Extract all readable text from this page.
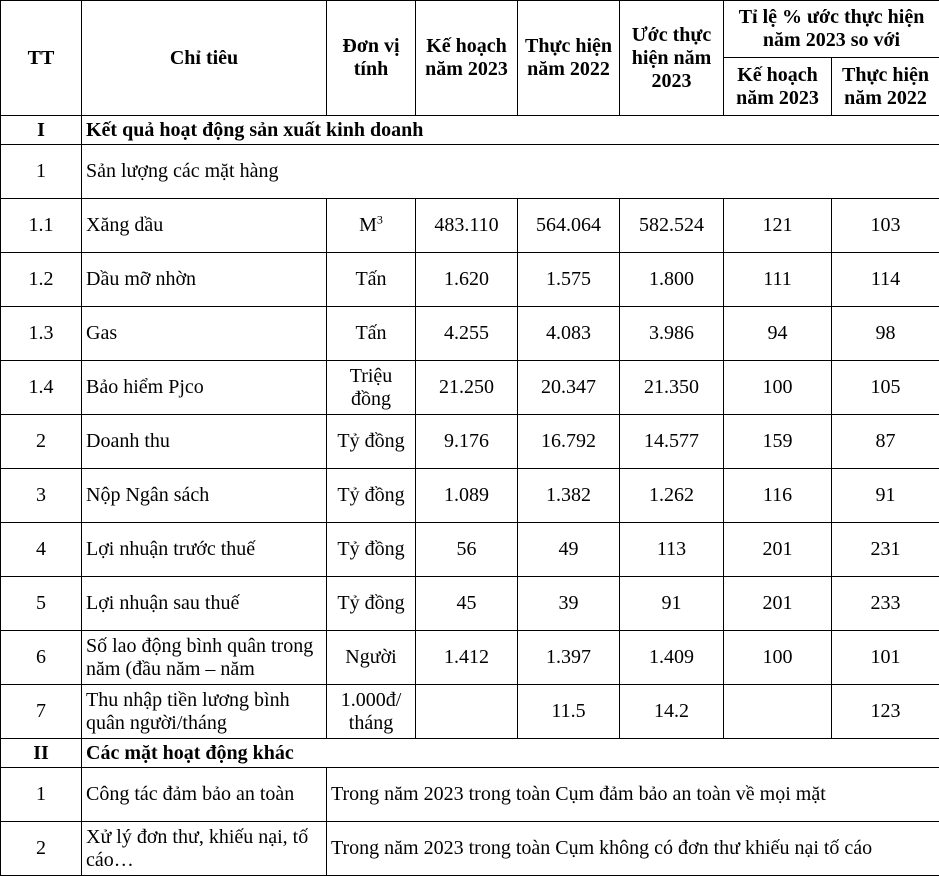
TT	Chỉ tiêu	Đơn vị tính	Kế hoạch năm 2023	Thực hiện năm 2022	Ước thực hiện năm 2023	Tỉ lệ % ước thực hiện năm 2023 so với	
						Kế hoạch năm 2023	Thực hiện năm 2022
I	Kết quả hoạt động sản xuất kinh doanh						
1	Sản lượng các mặt hàng						
1.1	Xăng dầu	$M^3$	483.110	564.064	582.524	121	103
1.2	Dầu mỡ nhờn	Tấn	1.620	1.575	1.800	111	114
1.3	Gas	Tấn	4.255	4.083	3.986	94	98
1.4	Bảo hiểm Pjco	Triệu đồng	21.250	20.347	21.350	100	105
2	Doanh thu	Tỷ đồng	9.176	16.792	14.577	159	87
3	Nộp Ngân sách	Tỷ đồng	1.089	1.382	1.262	116	91
4	Lợi nhuận trước thuế	Tỷ đồng	56	49	113	201	231
5	Lợi nhuận sau thuế	Tỷ đồng	45	39	91	201	233
6	Số lao động bình quân trong năm (đầu năm – năm	Người	1.412	1.397	1.409	100	101
7	Thu nhập tiền lương bình quân người/tháng	1.000đ/ tháng		11.5	14.2		123
II	Các mặt hoạt động khác						
1	Công tác đảm bảo an toàn	Trong năm 2023 trong toàn Cụm đảm bảo an toàn về mọi mặt					
2	Xử lý đơn thư, khiếu nại, tố cáo…	Trong năm 2023 trong toàn Cụm không có đơn thư khiếu nại tố cáo					
